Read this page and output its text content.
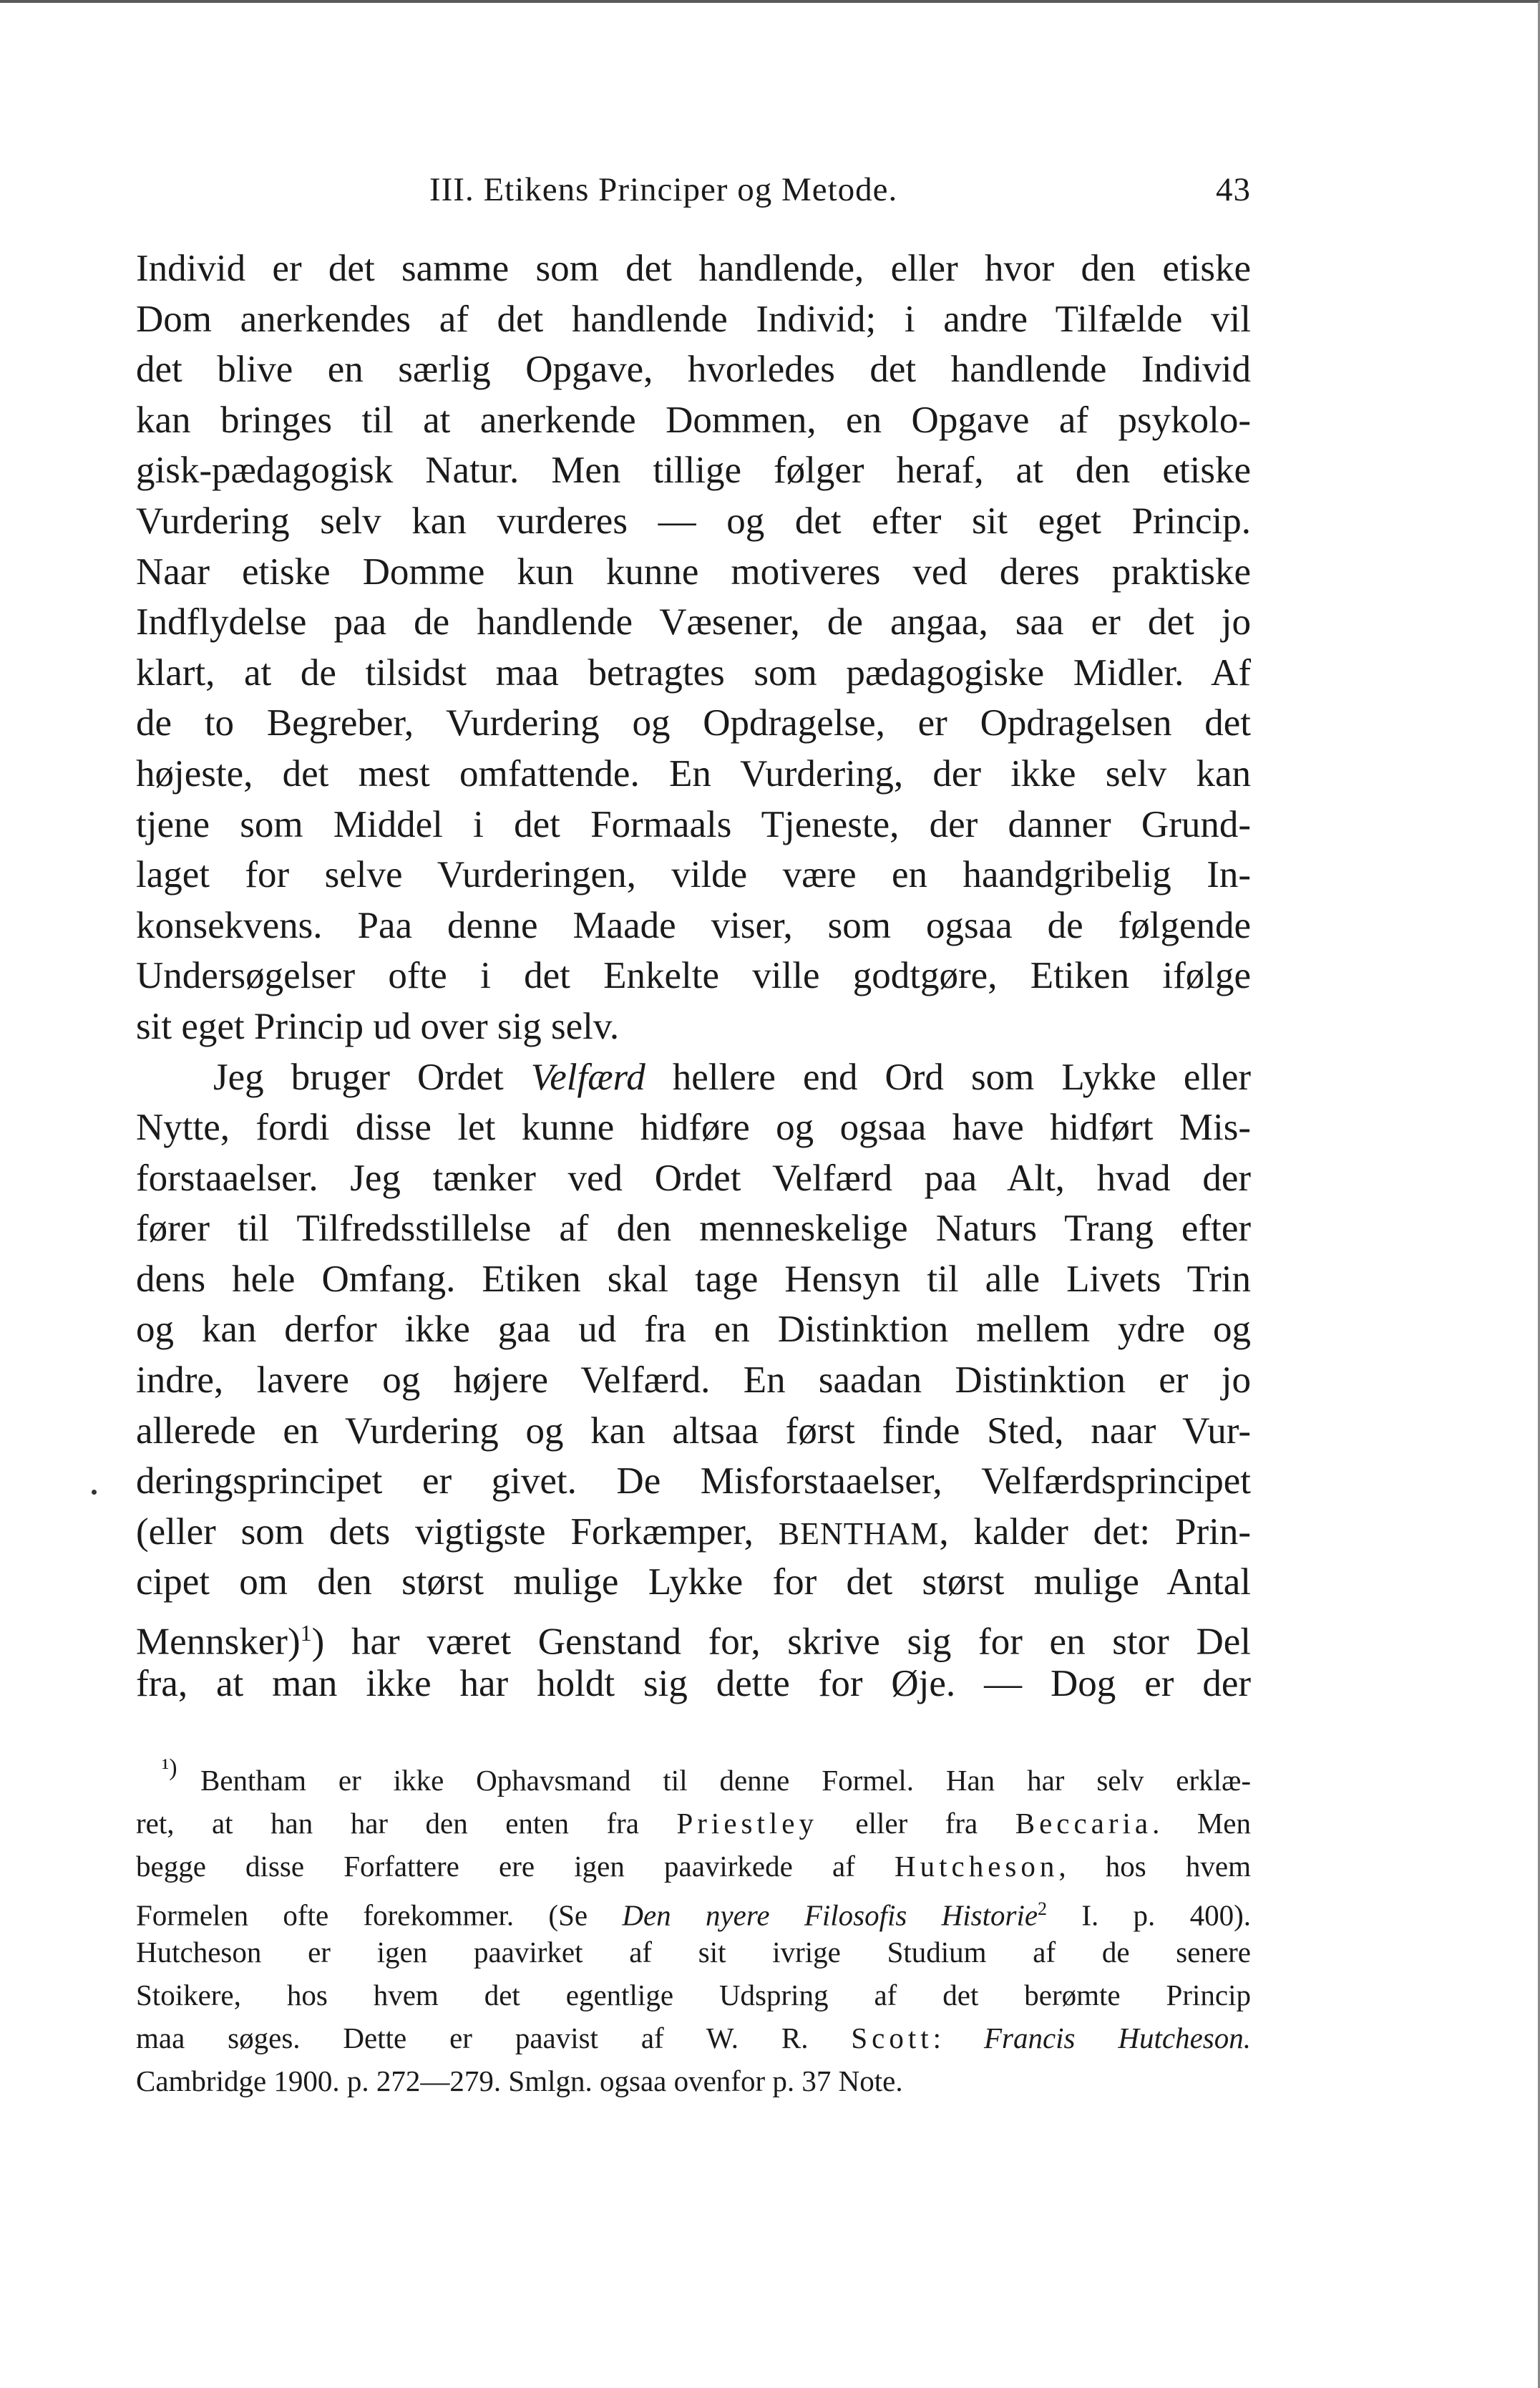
III. Etikens Principer og Metode.	43
Individ er det samme som det handlende, eller hvor den etiske
Dom anerkendes af det handlende Individ; i andre Tilfælde vil
det blive en særlig Opgave, hvorledes det handlende Individ
kan bringes til at anerkende Dommen, en Opgave af psykolo-
gisk-pædagogisk Natur. Men tillige følger heraf, at den etiske
Vurdering selv kan vurderes — og det efter sit eget Princip.
Naar etiske Domme kun kunne motiveres ved deres praktiske
Indflydelse paa de handlende Væsener, de angaa, saa er det jo
klart, at de tilsidst maa betragtes som pædagogiske Midler. Af
de to Begreber, Vurdering og Opdragelse, er Opdragelsen det
højeste, det mest omfattende. En Vurdering, der ikke selv kan
tjene som Middel i det Formaals Tjeneste, der danner Grund-
laget for selve Vurderingen, vilde være en haandgribelig In-
konsekvens. Paa denne Maade viser, som ogsaa de følgende
Undersøgelser ofte i det Enkelte ville godtgøre, Etiken ifølge
sit eget Princip ud over sig selv.
Jeg bruger Ordet Velfærd hellere end Ord som Lykke eller
Nytte, fordi disse let kunne hidføre og ogsaa have hidført Mis-
forstaaelser. Jeg tænker ved Ordet Velfærd paa Alt, hvad der
fører til Tilfredsstillelse af den menneskelige Naturs Trang efter
dens hele Omfang. Etiken skal tage Hensyn til alle Livets Trin
og kan derfor ikke gaa ud fra en Distinktion mellem ydre og
indre, lavere og højere Velfærd. En saadan Distinktion er jo
allerede en Vurdering og kan altsaa først finde Sted, naar Vur-
deringsprincipet er givet. De Misforstaaelser, Velfærdsprincipet
(eller som dets vigtigste Forkæmper, BENTHAM, kalder det: Prin-
cipet om den størst mulige Lykke for det størst mulige Antal
Mennsker)$^1$) har været Genstand for, skrive sig for en stor Del
fra, at man ikke har holdt sig dette for Øje. — Dog er der
¹) Bentham er ikke Ophavsmand til denne Formel. Han har selv erklæ-
ret, at han har den enten fra Priestley eller fra Beccaria. Men
begge disse Forfattere ere igen paavirkede af Hutcheson, hos hvem
Formelen ofte forekommer. (Se Den nyere Filosofis Historie$^2$ I. p. 400).
Hutcheson er igen paavirket af sit ivrige Studium af de senere
Stoikere, hos hvem det egentlige Udspring af det berømte Princip
maa søges. Dette er paavist af W. R. Scott: Francis Hutcheson.
Cambridge 1900. p. 272—279. Smlgn. ogsaa ovenfor p. 37 Note.
